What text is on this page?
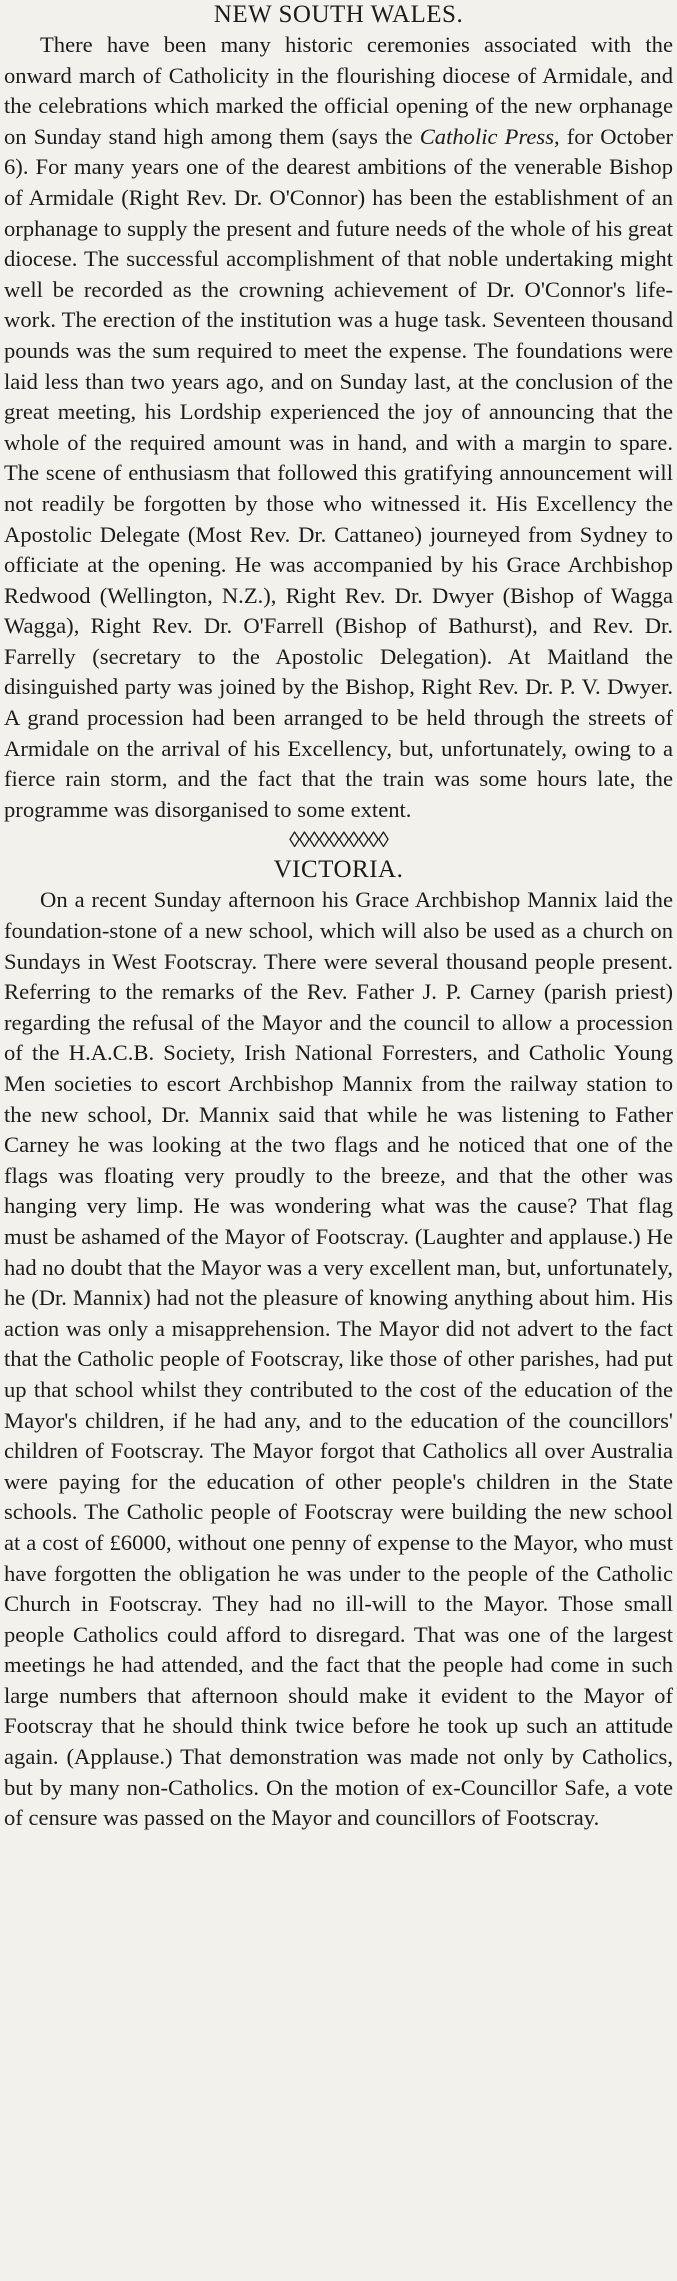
NEW SOUTH WALES.

There have been many historic ceremonies associated with the onward march of Catholicity in the flourishing diocese of Armidale, and the celebrations which marked the official opening of the new orphanage on Sunday stand high among them (says the Catholic Press, for October 6). For many years one of the dearest ambitions of the venerable Bishop of Armidale (Right Rev. Dr. O'Connor) has been the establishment of an orphanage to supply the present and future needs of the whole of his great diocese. The successful accomplishment of that noble undertaking might well be recorded as the crowning achievement of Dr. O'Connor's life-work. The erection of the institution was a huge task. Seventeen thousand pounds was the sum required to meet the expense. The foundations were laid less than two years ago, and on Sunday last, at the conclusion of the great meeting, his Lordship experienced the joy of announcing that the whole of the required amount was in hand, and with a margin to spare. The scene of enthusiasm that followed this gratifying announcement will not readily be forgotten by those who witnessed it. His Excellency the Apostolic Delegate (Most Rev. Dr. Cattaneo) journeyed from Sydney to officiate at the opening. He was accompanied by his Grace Archbishop Redwood (Wellington, N.Z.), Right Rev. Dr. Dwyer (Bishop of Wagga Wagga), Right Rev. Dr. O'Farrell (Bishop of Bathurst), and Rev. Dr. Farrelly (secretary to the Apostolic Delegation). At Maitland the disinguished party was joined by the Bishop, Right Rev. Dr. P. V. Dwyer. A grand procession had been arranged to be held through the streets of Armidale on the arrival of his Excellency, but, unfortunately, owing to a fierce rain storm, and the fact that the train was some hours late, the programme was disorganised to some extent.

◊◊◊◊◊◊◊◊◊◊
VICTORIA.

On a recent Sunday afternoon his Grace Archbishop Mannix laid the foundation-stone of a new school, which will also be used as a church on Sundays in West Footscray. There were several thousand people present. Referring to the remarks of the Rev. Father J. P. Carney (parish priest) regarding the refusal of the Mayor and the council to allow a procession of the H.A.C.B. Society, Irish National Forresters, and Catholic Young Men societies to escort Archbishop Mannix from the railway station to the new school, Dr. Mannix said that while he was listening to Father Carney he was looking at the two flags and he noticed that one of the flags was floating very proudly to the breeze, and that the other was hanging very limp. He was wondering what was the cause? That flag must be ashamed of the Mayor of Footscray. (Laughter and applause.) He had no doubt that the Mayor was a very excellent man, but, unfortunately, he (Dr. Mannix) had not the pleasure of knowing anything about him. His action was only a misapprehension. The Mayor did not advert to the fact that the Catholic people of Footscray, like those of other parishes, had put up that school whilst they contributed to the cost of the education of the Mayor's children, if he had any, and to the education of the councillors' children of Footscray. The Mayor forgot that Catholics all over Australia were paying for the education of other people's children in the State schools. The Catholic people of Footscray were building the new school at a cost of £6000, without one penny of expense to the Mayor, who must have forgotten the obligation he was under to the people of the Catholic Church in Footscray. They had no ill-will to the Mayor. Those small people Catholics could afford to disregard. That was one of the largest meetings he had attended, and the fact that the people had come in such large numbers that afternoon should make it evident to the Mayor of Footscray that he should think twice before he took up such an attitude again. (Applause.) That demonstration was made not only by Catholics, but by many non-Catholics. On the motion of ex-Councillor Safe, a vote of censure was passed on the Mayor and councillors of Footscray.
